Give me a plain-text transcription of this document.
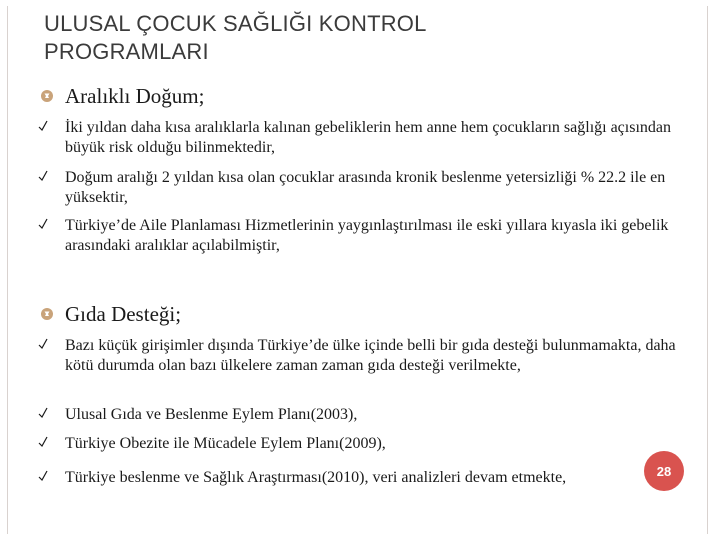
ULUSAL ÇOCUK SAĞLIĞI KONTROL
PROGRAMLARI
Aralıklı Doğum;
İki yıldan daha kısa aralıklarla kalınan gebeliklerin hem anne hem çocukların sağlığı açısından büyük risk olduğu bilinmektedir,
Doğum aralığı 2 yıldan kısa olan çocuklar arasında kronik beslenme yetersizliği % 22.2 ile en yüksektir,
Türkiye’de Aile Planlaması Hizmetlerinin yaygınlaştırılması ile eski yıllara kıyasla iki gebelik arasındaki aralıklar açılabilmiştir,
Gıda Desteği;
Bazı küçük girişimler dışında Türkiye’de ülke içinde belli bir gıda desteği bulunmamakta, daha kötü durumda olan bazı ülkelere zaman zaman gıda desteği verilmekte,
Ulusal Gıda ve Beslenme Eylem Planı(2003),
Türkiye Obezite ile Mücadele Eylem Planı(2009),
Türkiye beslenme ve Sağlık Araştırması(2010), veri analizleri devam etmekte,	28
